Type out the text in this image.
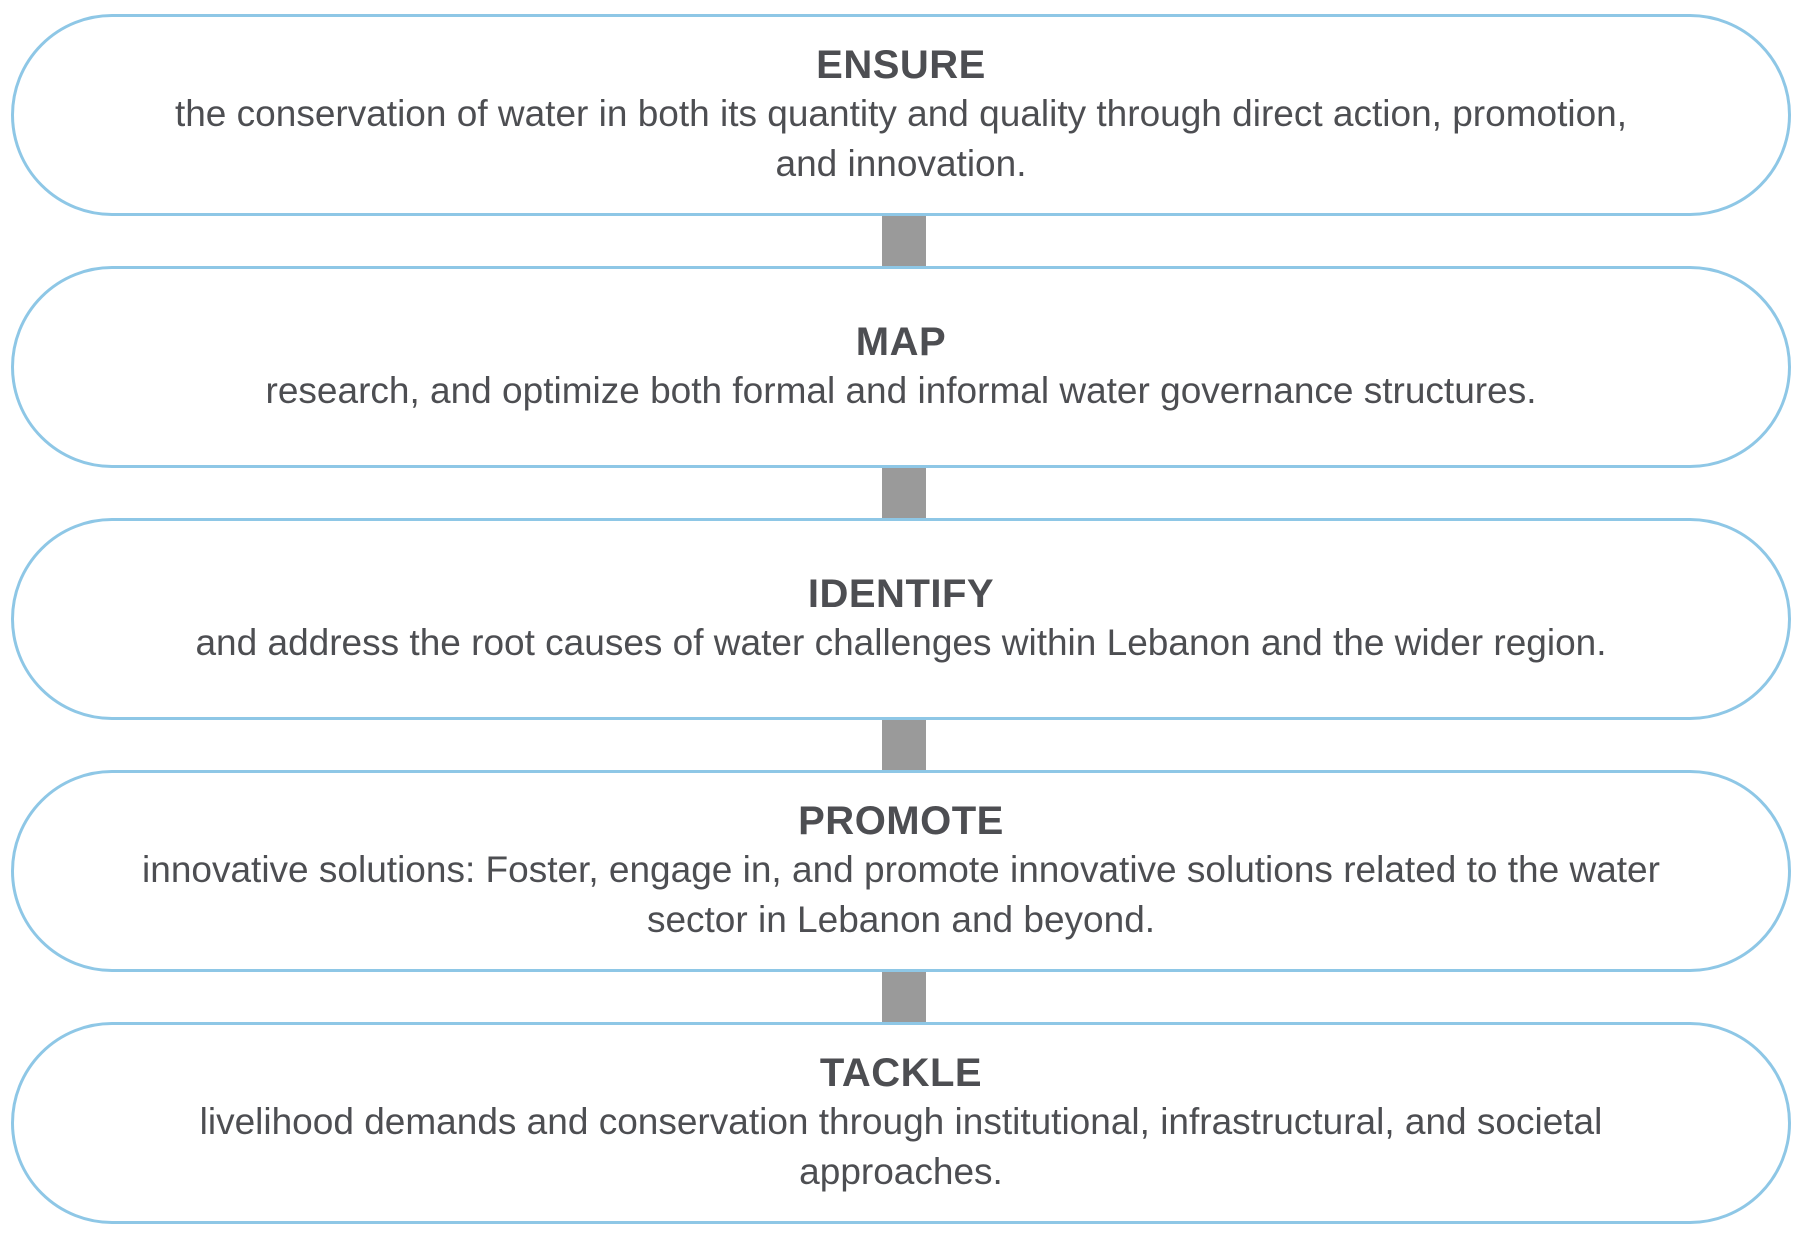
ENSURE
the conservation of water in both its quantity and quality through direct action, promotion, and innovation.
MAP
research, and optimize both formal and informal water governance structures.
IDENTIFY
and address the root causes of water challenges within Lebanon and the wider region.
PROMOTE
innovative solutions: Foster, engage in, and promote innovative solutions related to the water sector in Lebanon and beyond.
TACKLE
livelihood demands and conservation through institutional, infrastructural, and societal approaches.
